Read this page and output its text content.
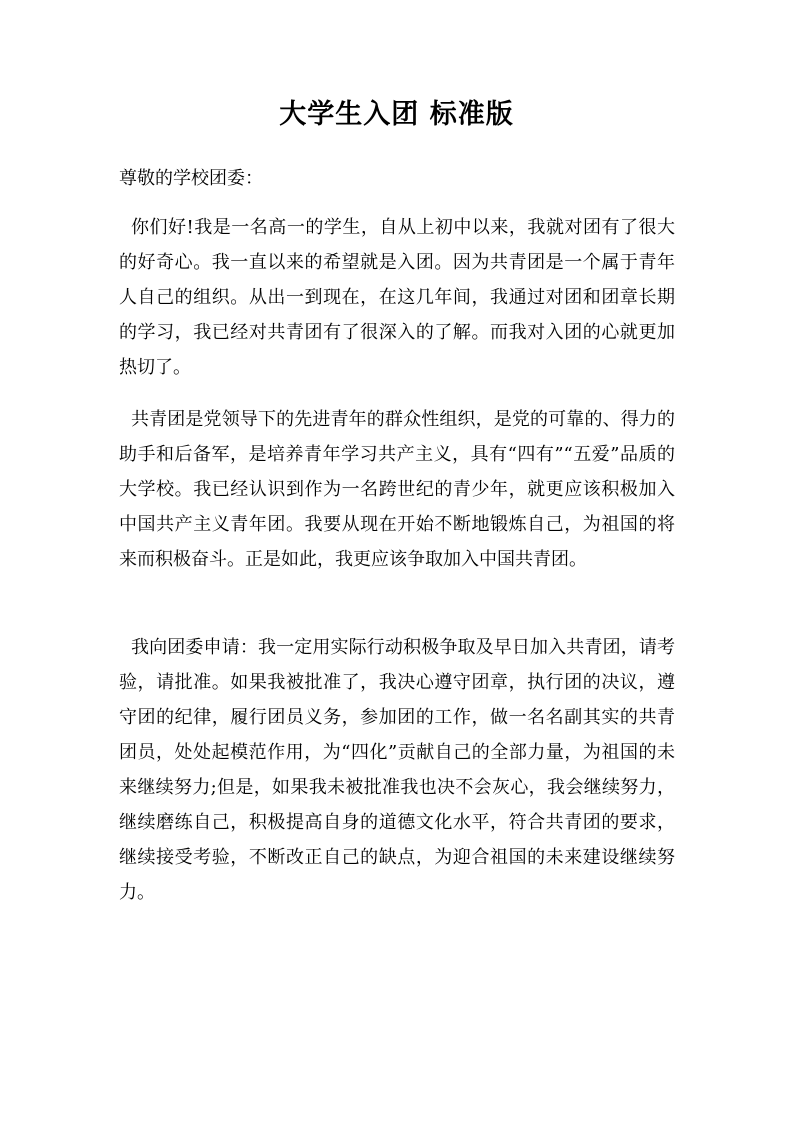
大学生入团 标准版
尊敬的学校团委：

你们好!我是一名高一的学生，自从上初中以来，我就对团有了很大的好奇心。我一直以来的希望就是入团。因为共青团是一个属于青年人自己的组织。从出一到现在，在这几年间，我通过对团和团章长期的学习，我已经对共青团有了很深入的了解。而我对入团的心就更加热切了。

共青团是党领导下的先进青年的群众性组织，是党的可靠的、得力的助手和后备军，是培养青年学习共产主义，具有“四有”“五爱”品质的大学校。我已经认识到作为一名跨世纪的青少年，就更应该积极加入中国共产主义青年团。我要从现在开始不断地锻炼自己，为祖国的将来而积极奋斗。正是如此，我更应该争取加入中国共青团。

我向团委申请：我一定用实际行动积极争取及早日加入共青团，请考验，请批准。如果我被批准了，我决心遵守团章，执行团的决议，遵守团的纪律，履行团员义务，参加团的工作，做一名名副其实的共青团员，处处起模范作用，为“四化”贡献自己的全部力量，为祖国的未来继续努力;但是，如果我未被批准我也决不会灰心，我会继续努力，继续磨练自己，积极提高自身的道德文化水平，符合共青团的要求，继续接受考验，不断改正自己的缺点，为迎合祖国的未来建设继续努力。
